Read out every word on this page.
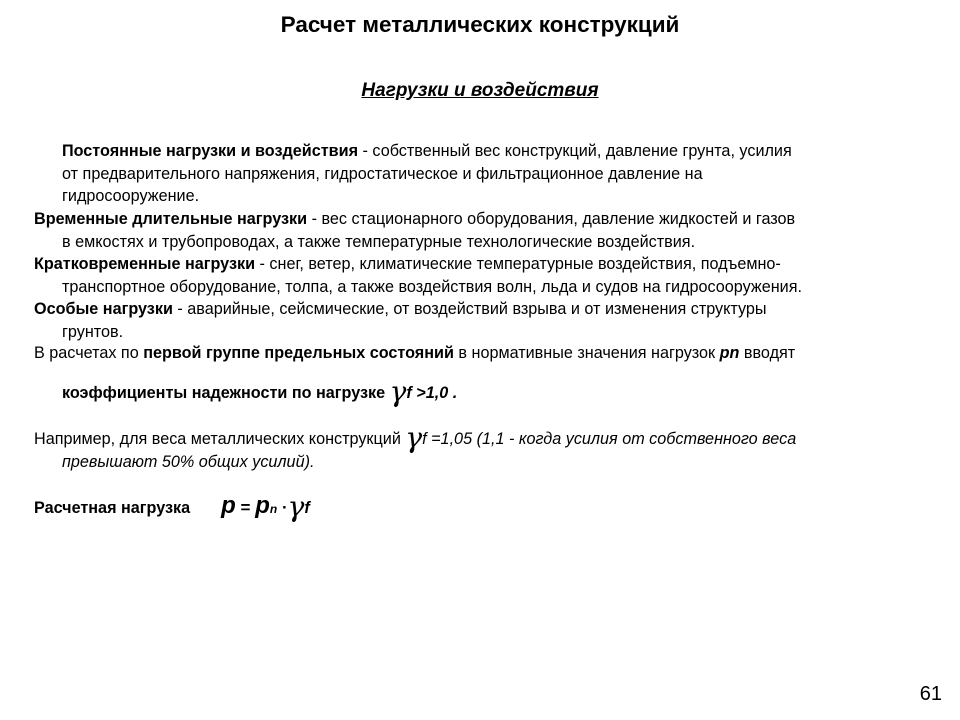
Расчет металлических конструкций
Нагрузки и воздействия
Постоянные нагрузки и воздействия - собственный вес конструкций, давление грунта, усилия
от предварительного напряжения, гидростатическое и фильтрационное давление на
гидросооружение.
Временные длительные нагрузки - вес стационарного оборудования, давление жидкостей и газов
в емкостях и трубопроводах, а также температурные технологические воздействия.
Кратковременные нагрузки - снег, ветер, климатические температурные воздействия, подъемно-
транспортное оборудование, толпа, а также воздействия волн, льда и судов на гидросооружения.
Особые нагрузки - аварийные, сейсмические, от воздействий взрыва и от изменения структуры
грунтов.
В расчетах по первой группе предельных состояний в нормативные значения нагрузок pn вводят
коэффициенты надежности по нагрузке γf >1,0 .
Например, для веса металлических конструкций γf =1,05 (1,1 - когда усилия от собственного веса
превышают 50% общих усилий).
Расчетная нагрузка p = pn ·γf
61
